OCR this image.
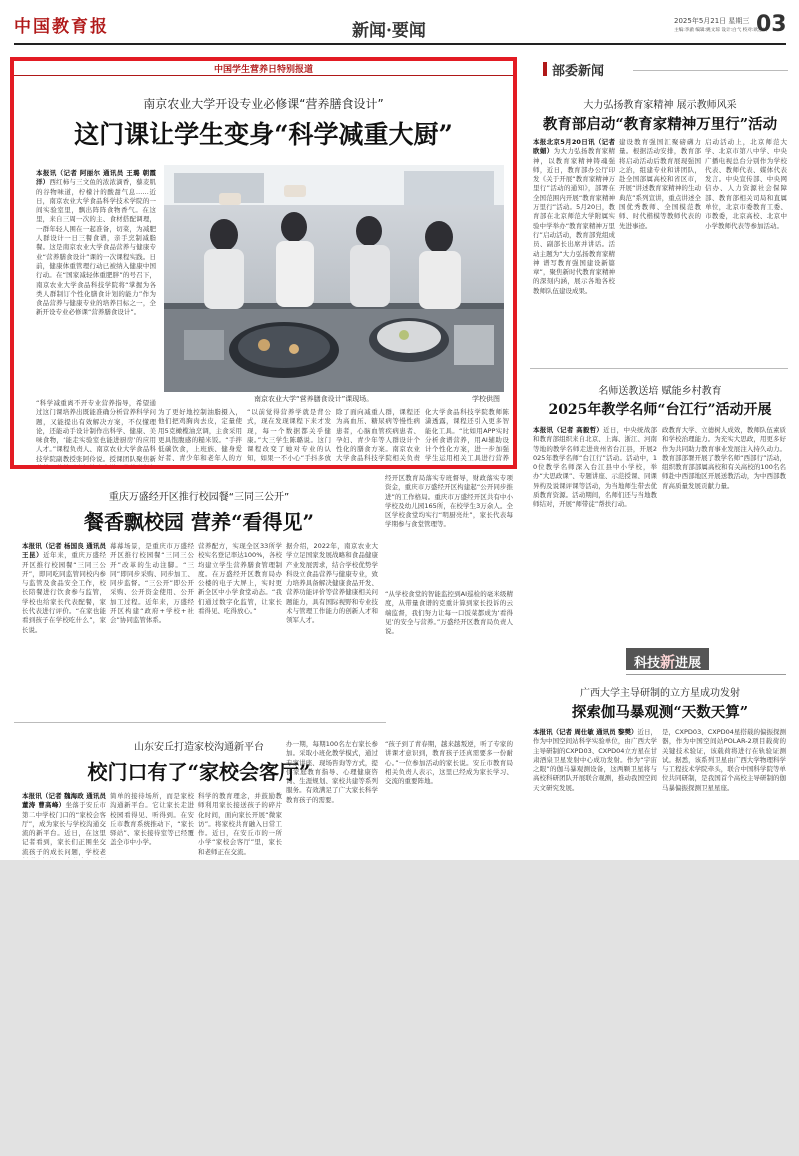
中国教育报	新闻·要闻	2025年5月21日 星期三
主编:李澈 编辑:姚文琼 设计:白弋 校对:欧惠川
03
中国学生营养日特别报道
南京农业大学开设专业必修课“营养膳食设计”
这门课让学生变身“科学减重大厨”
本报讯（记者 阿丽尔 通讯员 王璐 朝霞洋）西红柿与三文鱼的浓浓滴香，藜麦肌的谷物味道，柠檬汁的酸甜气息……近日，南京农业大学食品科学技术学院的一间实验室里，飘出阵阵食物香气。在这里，来自三周一次的主、食材搭配调理，一群年轻人围在一起准备，切菜，为减肥人群设计一日三餐食谱，亲手烹制减脂餐。这是南京农业大学食品营养与健康专业“营养膳食设计”课的一次课程实践。日前，健康体重管理行动已被纳入健康中国行动。在“国家减轻体重肥胖”的号召下，南京农业大学食品科技学院将“掌握为各类人群制订个性化膳食计划的能力”作为食品营养与健康专业的培养目标之一，全新开设专业必修课“营养膳食设计”。
“科学减重离不开专业营养指导，希望通过这门课培养出既能准确分析营养科学问题，又能提出有效解决方案，不仅懂理论，还能动手设计制作出科学、健康、美味食物，‘能走实验室也能进厨房’的应用人才。”课程负责人、南京农业大学食品科技学院副教授张阿伶说。授课团队聚焦新
南京农业大学“营养膳食设计”课现场。	学校供图
为了更好地控制油脂摄入，他们把鸡胸肉去皮，定量使用5克橄榄油烹调，主食采用更具饱腹感的糙米饭。“手拌低碳饮食，上班族、健身爱好者、青少年和老年人的方
“以前觉得营养学就是背公式，现在发现课程下来才发现，每一个数据都关乎健康。”大三学生陈璐说。这门课程改变了她对专业的认知，如果一不小心“手抖多放
除了面向减重人群，课程还为高血压、糖尿病等慢性病患者，心脑血管疾病患者、孕妇、青少年等人群设计个性化的膳食方案。南京农业大学食品科技学院相关负责
化大学食品科技学院教师陈潇透露，课程还引入更多智能化工具。“比如用APP实时分析食谱营养，用AI辅助设计个性化方案，进一步加强学生运用相关工具进行营养
经开区教育局落实专班督导，财政落实专项资金，重庆市万盛经开区构建起“公开同步推进”的工作格局。重庆市万盛经开区共有中小学校及幼儿园165所，在校学生3万余人。全区学校食堂均实行“明厨亮灶”，家长代表每学期参与食堂管理等。
“从学校食堂的智能监控到AI巡检的毫米级精度，从带量食谱的克重计算到家长投诉的云端监督，我们努力让每一口饭菜都成为‘看得见’的安全与营养。”万盛经开区教育局负责人说。
重庆万盛经开区推行校园餐“三同三公开”
餐香飘校园 营养“看得见”
本报讯（记者 杨国良 通讯员 王昆）近年来，重庆万盛经开区推行校园餐“三同三公开”，即同吃同监管同校内参与监管及食品安全工作，校长陪餐进行饮食参与监管，学校也给家长代表配餐，家长代表进行评价。“在家也能看到孩子在学校吃什么”，家长说。
幕幕场景，是重庆市万盛经开区推行校园餐“三同三公开”改革的生动注脚。“三同”即同步采购、同步加工、同步监督。“三公开”即公开采购、公开资金使用、公开加工过程。近年来，万盛经开区构建“政府+学校+社会”协同监管体系。
营养配方，实现全区33所学校实名登记率达100%，各校均建立学生营养膳食管理制度。在万盛经开区教育局办公楼的电子大屏上，实时更新全区中小学食堂动态。“我们通过数字化监管，让家长看得见、吃得放心。”
据介绍，2022年，南京农业大学立足国家发展战略和食品健康产业发展需求，结合学校优势学科设立食品营养与健康专业，致力培养具备解决健康食品开发、营养功能评价等营养健康相关问题能力，具有国际视野和专业技术与管理工作能力的创新人才和领军人才。
山东安丘打造家校沟通新平台
校门口有了“家校会客厅”
本报讯（记者 魏海政 通讯员 董涛 曹高峰）坐落于安丘市第二中学校门口的“家校会客厅”，成为家长与学校沟通交流的新平台。近日，在这里记者看到，家长们正围坐交流孩子的成长问题，学校老
简单的接待场所，而是家校沟通新平台。它让家长走进校园看得见、听得到。在安丘市教育系统推动下，“家长驿站”、家长接待室等已经覆盖全市中小学。
科学的教育理念，并鼓励教师利用家长接送孩子的碎片化时间，面向家长开展“微家访”。将家校共育融入日常工作。近日，在安丘市的一所小学“家校会客厅”里，家长和老师正在交流。
办一期，每期100名左右家长参加。采取小班化教学模式，通过专家讲座、现场咨询等方式，提供家庭教育指导、心理健康咨询、生涯规划、家校共建等系列服务。有效满足了广大家长科学教育孩子的需要。
“孩子到了青春期，越来越叛逆，听了专家的讲课才意识到，教育孩子还真需要多一份耐心。”一位参加活动的家长说。安丘市教育局相关负责人表示，这里已经成为家长学习、交流的重要阵地。
部委新闻
大力弘扬教育家精神 展示教师风采
教育部启动“教育家精神万里行”活动
本报北京5月20日讯（记者 欧媚）为大力弘扬教育家精神，以教育家精神铸魂强师，近日，教育部办公厅印发《关于开展“教育家精神万里行”活动的通知》，部署在全国范围内开展“教育家精神万里行”活动。5月20日，教育部在北京师范大学附属实验中学举办“教育家精神万里行”启动活动，教育部党组成员、副部长出席并讲话。活动主题为“大力弘扬教育家精神 谱写教育强国建设新篇章”，聚焦新时代教育家精神的深刻内涵，展示各地各校教师队伍建设成果。
建设教育强国汇聚磅礴力量。根据活动安排，教育部将启动活动后教育展现强国之治，组建专业和讲团队，赴全国部属高校和省区市，开展“讲述教育家精神的生动典范”系列宣讲，重点讲述全国优秀教师、全国模范教师、时代楷模等教师代表的先进事迹。
启动活动上，北京师范大学、北京市第八中学、中央广播电视总台分别作为学校代表、教师代表、媒体代表发言。中央宣传部、中央网信办、人力资源社会保障部、教育部相关司局和直属单位，北京市委教育工委、市教委，北京高校、北京中小学教师代表等参加活动。
名师送教送培 赋能乡村教育
2025年教学名师“台江行”活动开展
本报讯（记者 高毅哲）近日，中央统战部和教育部组织来自北京、上海、浙江、河南等地的教学名师走进贵州省台江县，开展2025年教学名师“台江行”活动。活动中，10位教学名师深入台江县中小学校，举办“大思政课”、专题讲座、示范授课、同课异构及说课评课等活动，为当地师生带去优质教育资源。活动期间，名师们还与当地教师结对，开展“师带徒”帮扶行动。
政教育大学、立德树人成效，教师队伍素质和学校治理能力。为充实大思政，用更多好作为共同助力教育事业发展注入持久动力。教育部部署开展了教学名师“西部行”活动，组织教育部部属高校和有关高校的100名名师赴中西部地区开展送教活动，为中西部教育高质量发展贡献力量。
科技新进展
广西大学主导研制的立方星成功发射
探索伽马暴观测“天数天算”
本报讯（记者 周仕敏 通讯员 黎樊）近日，作为中国空间站科学实验单位，由广西大学主导研制的CXPD03、CXPD04立方星在甘肃酒泉卫星发射中心成功发射。作为“宇宙之眼”的伽马暴观测设备，这两颗卫星将与高校科研团队开展联合观测，推动我国空间天文研究发展。
是，CXPD03、CXPD04星搭载的偏振探测器，作为中国空间站POLAR-2项目载荷的关键技术验证，该载荷将进行在轨验证测试。据悉，该系列卫星由广西大学物理科学与工程技术学院牵头，联合中国科学院等单位共同研制，是我国首个高校主导研制的伽马暴偏振探测卫星星座。
